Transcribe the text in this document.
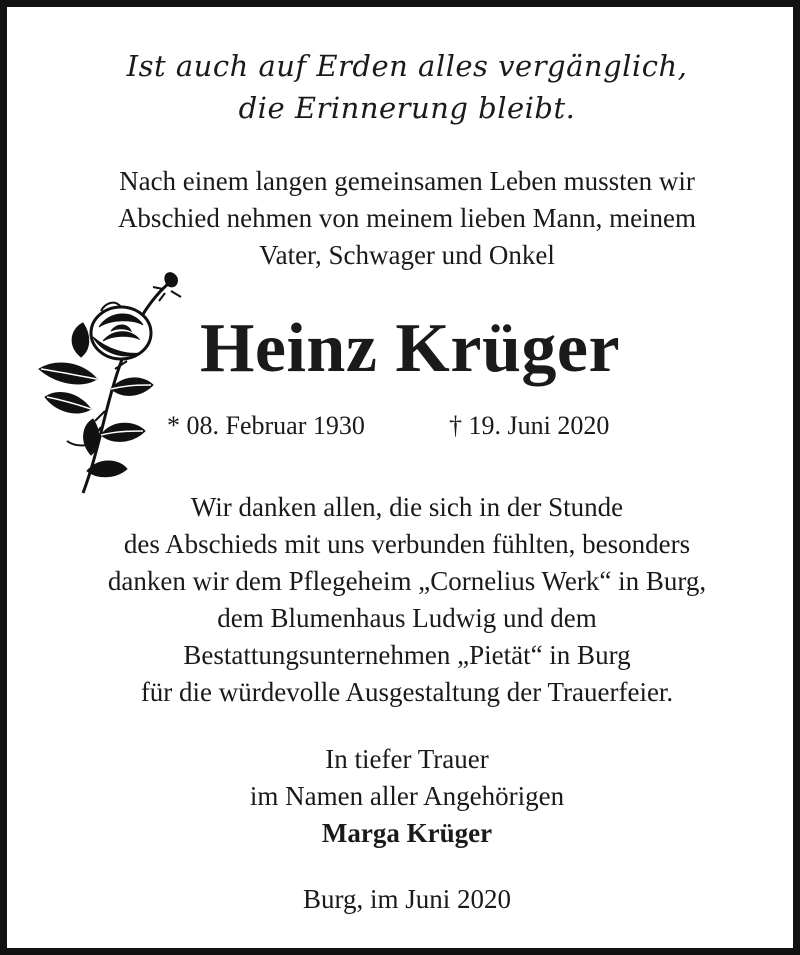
Ist auch auf Erden alles vergänglich,
die Erinnerung bleibt.
Nach einem langen gemeinsamen Leben mussten wir
Abschied nehmen von meinem lieben Mann, meinem
Vater, Schwager und Onkel
Heinz Krüger
* 08. Februar 1930	† 19. Juni 2020
Wir danken allen, die sich in der Stunde
des Abschieds mit uns verbunden fühlten, besonders
danken wir dem Pflegeheim „Cornelius Werk“ in Burg,
dem Blumenhaus Ludwig und dem
Bestattungsunternehmen „Pietät“ in Burg
für die würdevolle Ausgestaltung der Trauerfeier.
In tiefer Trauer
im Namen aller Angehörigen
Marga Krüger
Burg, im Juni 2020
